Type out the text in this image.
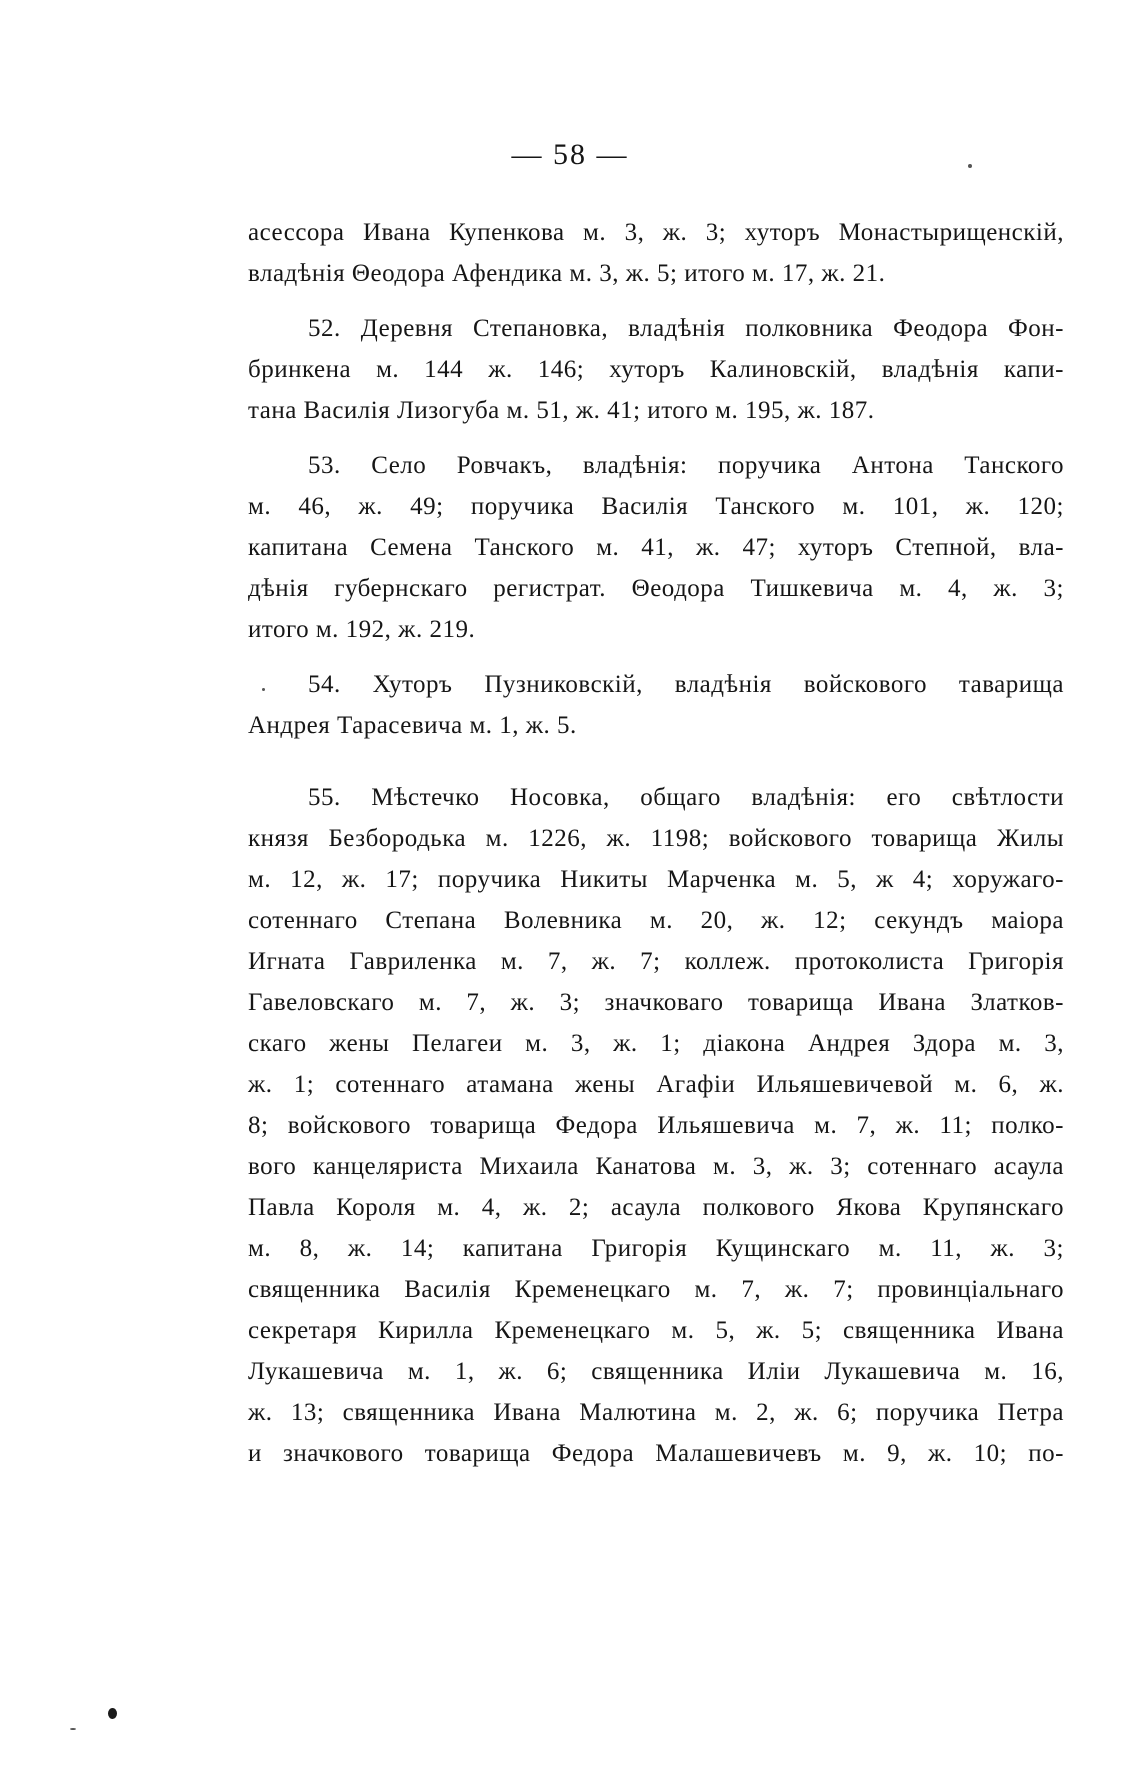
— 58 —
асессора Ивана Купенкова м. 3, ж. 3; хуторъ Монастырищенскій,
владѣнія Θеодора Афендика м. 3, ж. 5; итого м. 17, ж. 21.
52. Деревня Степановка, владѣнія полковника Феодора Фон-
бринкена м. 144 ж. 146; хуторъ Калиновскій, владѣнія капи-
тана Василія Лизогуба м. 51, ж. 41; итого м. 195, ж. 187.
53. Село Ровчакъ, владѣнія: поручика Антона Танского
м. 46, ж. 49; поручика Василія Танского м. 101, ж. 120;
капитана Семена Танского м. 41, ж. 47; хуторъ Степной, вла-
дѣнія губернскаго регистрат. Θеодора Тишкевича м. 4, ж. 3;
итого м. 192, ж. 219.
54. Хуторъ Пузниковскій, владѣнія войскового таварища
Андрея Тарасевича м. 1, ж. 5.
55. Мѣстечко Носовка, общаго владѣнія: его свѣтлости
князя Безбородька м. 1226, ж. 1198; войскового товарища Жилы
м. 12, ж. 17; поручика Никиты Марченка м. 5, ж 4; хоружаго-
сотеннаго Степана Волевника м. 20, ж. 12; секундъ маіора
Игната Гавриленка м. 7, ж. 7; коллеж. протоколиста Григорія
Гавеловскаго м. 7, ж. 3; значковаго товарища Ивана Златков-
скаго жены Пелагеи м. 3, ж. 1; діакона Андрея Здора м. 3,
ж. 1; сотеннаго атамана жены Агафіи Ильяшевичевой м. 6, ж.
8; войскового товарища Федора Ильяшевича м. 7, ж. 11; полко-
вого канцеляриста Михаила Канатова м. 3, ж. 3; сотеннаго асаула
Павла Короля м. 4, ж. 2; асаула полкового Якова Крупянскаго
м. 8, ж. 14; капитана Григорія Кущинскаго м. 11, ж. 3;
священника Василія Кременецкаго м. 7, ж. 7; провинціальнаго
секретаря Кирилла Кременецкаго м. 5, ж. 5; священника Ивана
Лукашевича м. 1, ж. 6; священника Иліи Лукашевича м. 16,
ж. 13; священника Ивана Малютина м. 2, ж. 6; поручика Петра
и значкового товарища Федора Малашевичевъ м. 9, ж. 10; по-
